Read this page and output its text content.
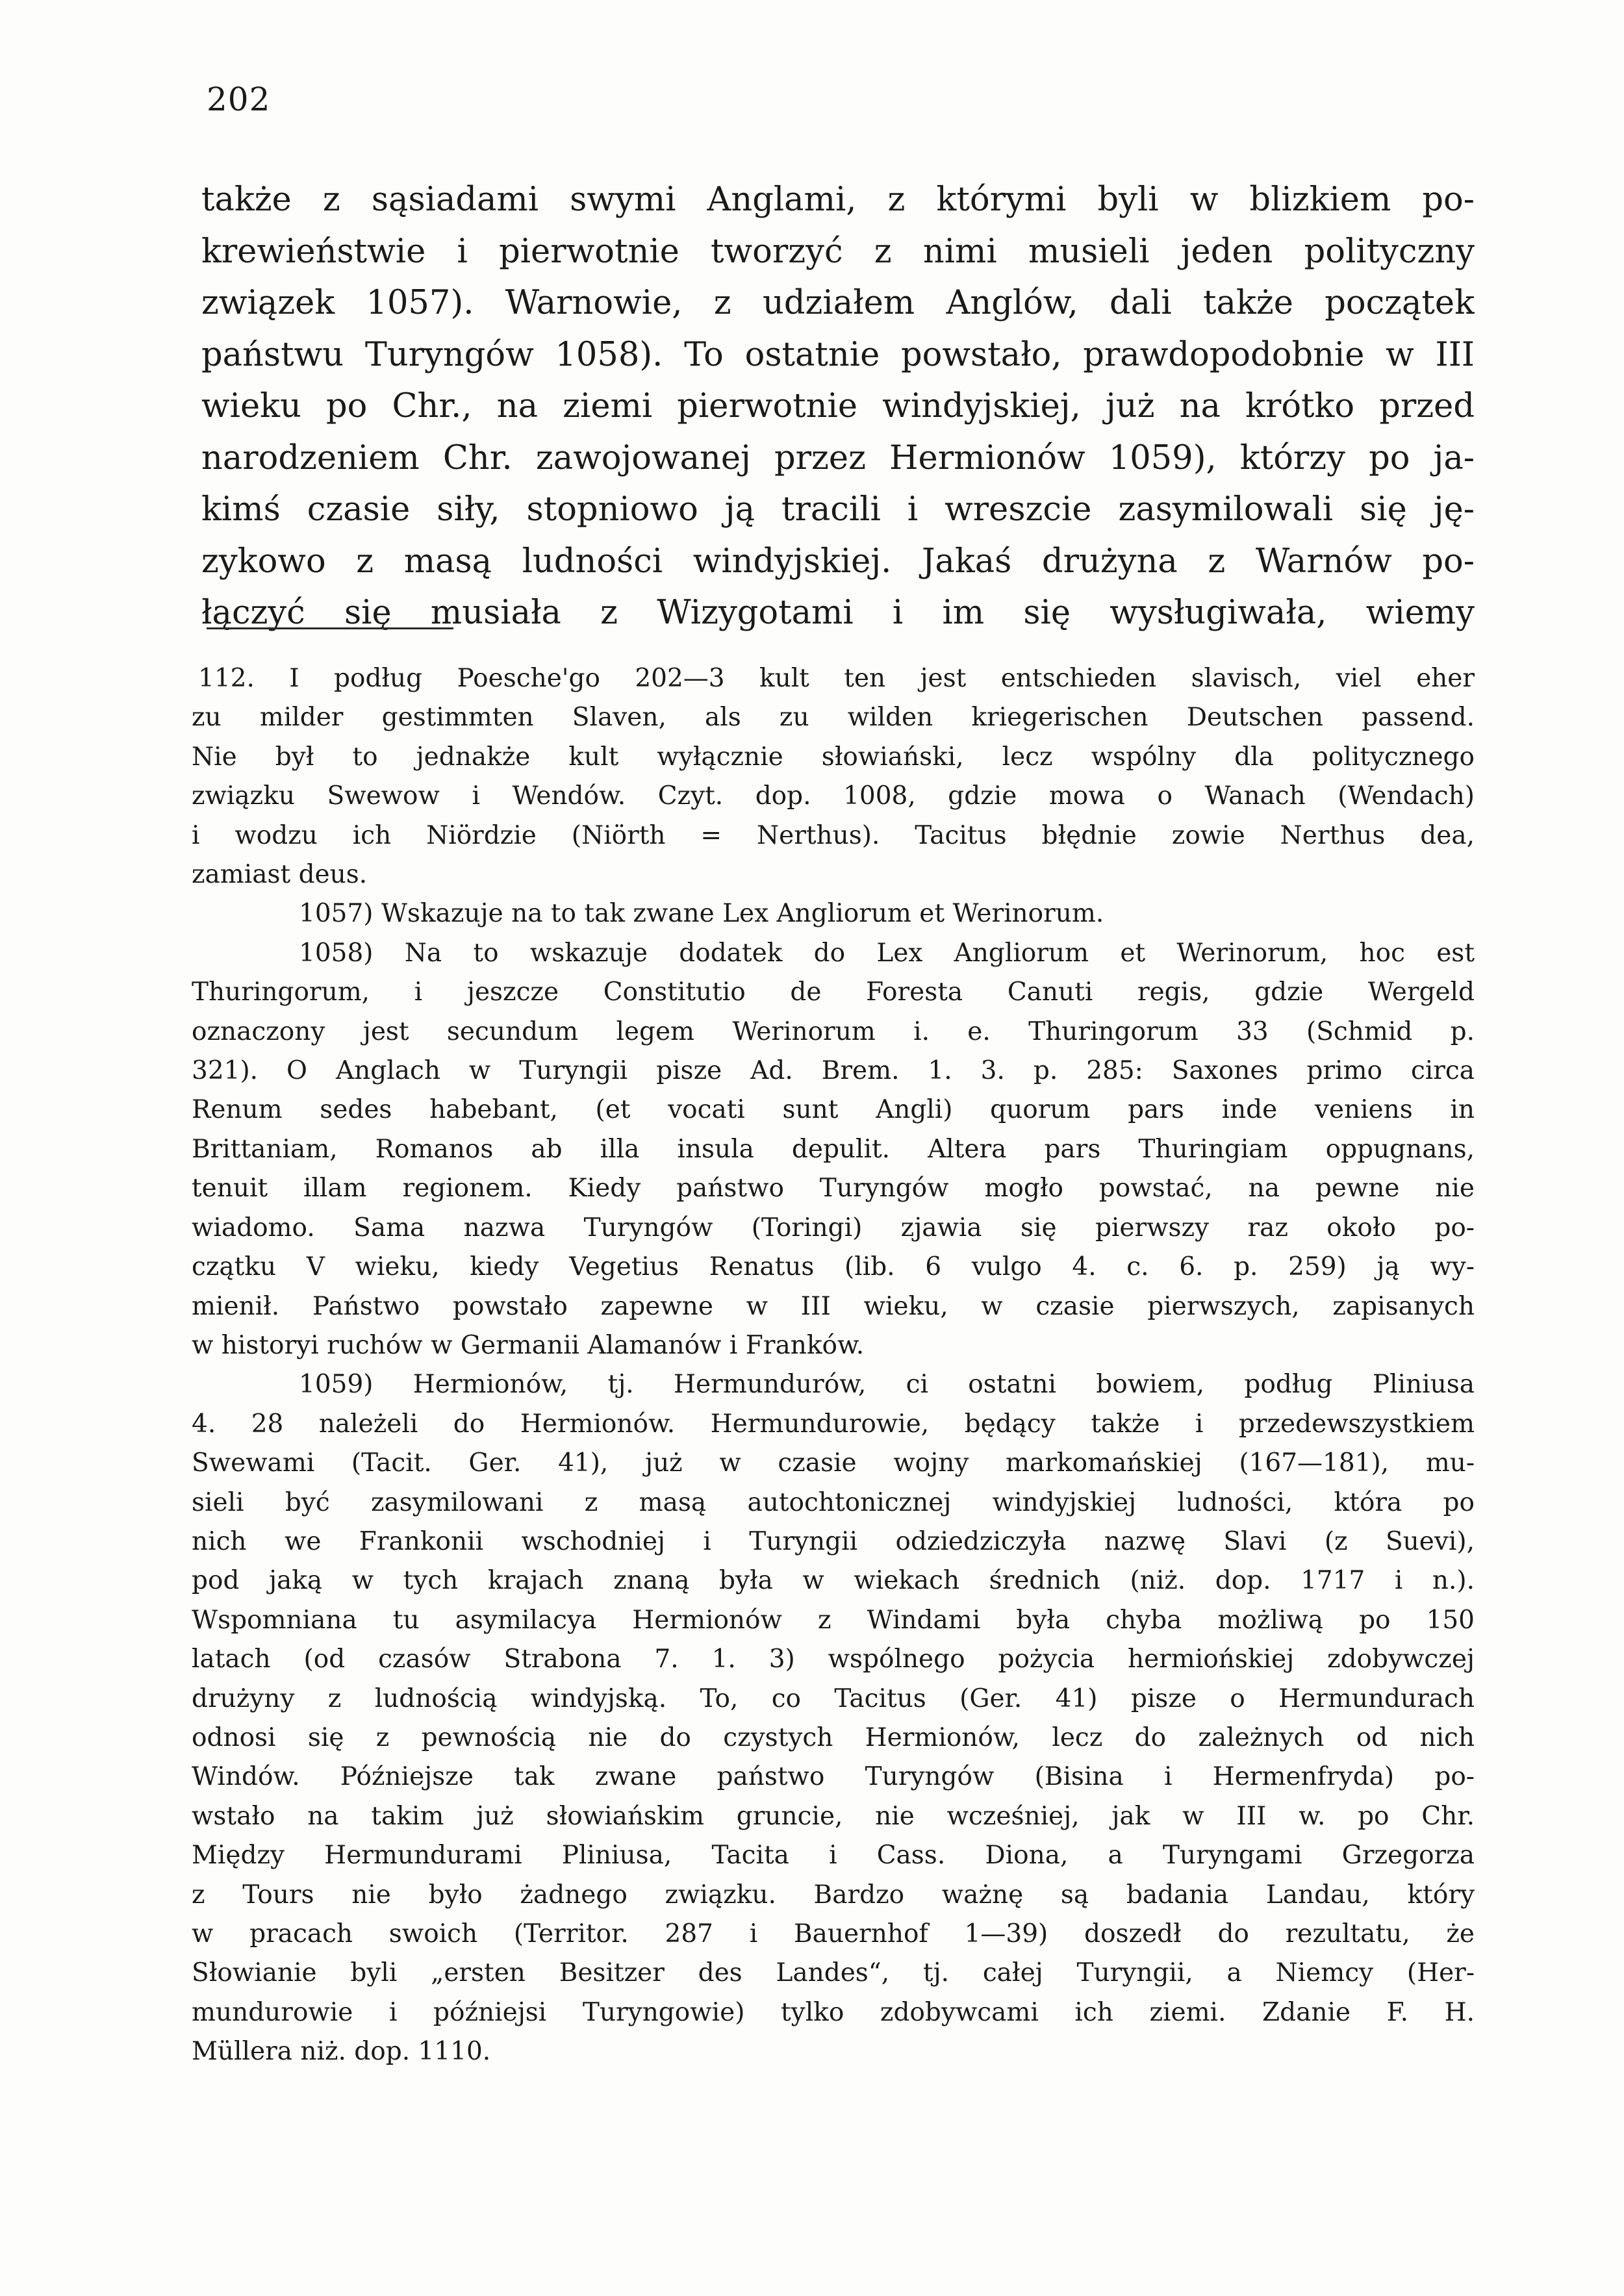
202
także z sąsiadami swymi Anglami, z którymi byli w blizkiem po-
krewieństwie i pierwotnie tworzyć z nimi musieli jeden polityczny
związek 1057). Warnowie, z udziałem Anglów, dali także początek
państwu Turyngów 1058). To ostatnie powstało, prawdopodobnie w III
wieku po Chr., na ziemi pierwotnie windyjskiej, już na krótko przed
narodzeniem Chr. zawojowanej przez Hermionów 1059), którzy po ja-
kimś czasie siły, stopniowo ją tracili i wreszcie zasymilowali się ję-
zykowo z masą ludności windyjskiej. Jakaś drużyna z Warnów po-
łączyć się musiała z Wizygotami i im się wysługiwała, wiemy
112. I podług Poesche'go 202—3 kult ten jest entschieden slavisch, viel eher
zu milder gestimmten Slaven, als zu wilden kriegerischen Deutschen passend.
Nie był to jednakże kult wyłącznie słowiański, lecz wspólny dla politycznego
związku Swewow i Wendów. Czyt. dop. 1008, gdzie mowa o Wanach (Wendach)
i wodzu ich Niördzie (Niörth = Nerthus). Tacitus błędnie zowie Nerthus dea,
zamiast deus.
1057) Wskazuje na to tak zwane Lex Angliorum et Werinorum.
1058) Na to wskazuje dodatek do Lex Angliorum et Werinorum, hoc est
Thuringorum, i jeszcze Constitutio de Foresta Canuti regis, gdzie Wergeld
oznaczony jest secundum legem Werinorum i. e. Thuringorum 33 (Schmid p.
321). O Anglach w Turyngii pisze Ad. Brem. 1. 3. p. 285: Saxones primo circa
Renum sedes habebant, (et vocati sunt Angli) quorum pars inde veniens in
Brittaniam, Romanos ab illa insula depulit. Altera pars Thuringiam oppugnans,
tenuit illam regionem. Kiedy państwo Turyngów mogło powstać, na pewne nie
wiadomo. Sama nazwa Turyngów (Toringi) zjawia się pierwszy raz około po-
czątku V wieku, kiedy Vegetius Renatus (lib. 6 vulgo 4. c. 6. p. 259) ją wy-
mienił. Państwo powstało zapewne w III wieku, w czasie pierwszych, zapisanych
w historyi ruchów w Germanii Alamanów i Franków.
1059) Hermionów, tj. Hermundurów, ci ostatni bowiem, podług Pliniusa
4. 28 należeli do Hermionów. Hermundurowie, będący także i przedewszystkiem
Swewami (Tacit. Ger. 41), już w czasie wojny markomańskiej (167—181), mu-
sieli być zasymilowani z masą autochtonicznej windyjskiej ludności, która po
nich we Frankonii wschodniej i Turyngii odziedziczyła nazwę Slavi (z Suevi),
pod jaką w tych krajach znaną była w wiekach średnich (niż. dop. 1717 i n.).
Wspomniana tu asymilacya Hermionów z Windami była chyba możliwą po 150
latach (od czasów Strabona 7. 1. 3) wspólnego pożycia hermiońskiej zdobywczej
drużyny z ludnością windyjską. To, co Tacitus (Ger. 41) pisze o Hermundurach
odnosi się z pewnością nie do czystych Hermionów, lecz do zależnych od nich
Windów. Późniejsze tak zwane państwo Turyngów (Bisina i Hermenfryda) po-
wstało na takim już słowiańskim gruncie, nie wcześniej, jak w III w. po Chr.
Między Hermundurami Pliniusa, Tacita i Cass. Diona, a Turyngami Grzegorza
z Tours nie było żadnego związku. Bardzo ważnę są badania Landau, który
w pracach swoich (Territor. 287 i Bauernhof 1—39) doszedł do rezultatu, że
Słowianie byli „ersten Besitzer des Landes“, tj. całej Turyngii, a Niemcy (Her-
mundurowie i późniejsi Turyngowie) tylko zdobywcami ich ziemi. Zdanie F. H.
Müllera niż. dop. 1110.
